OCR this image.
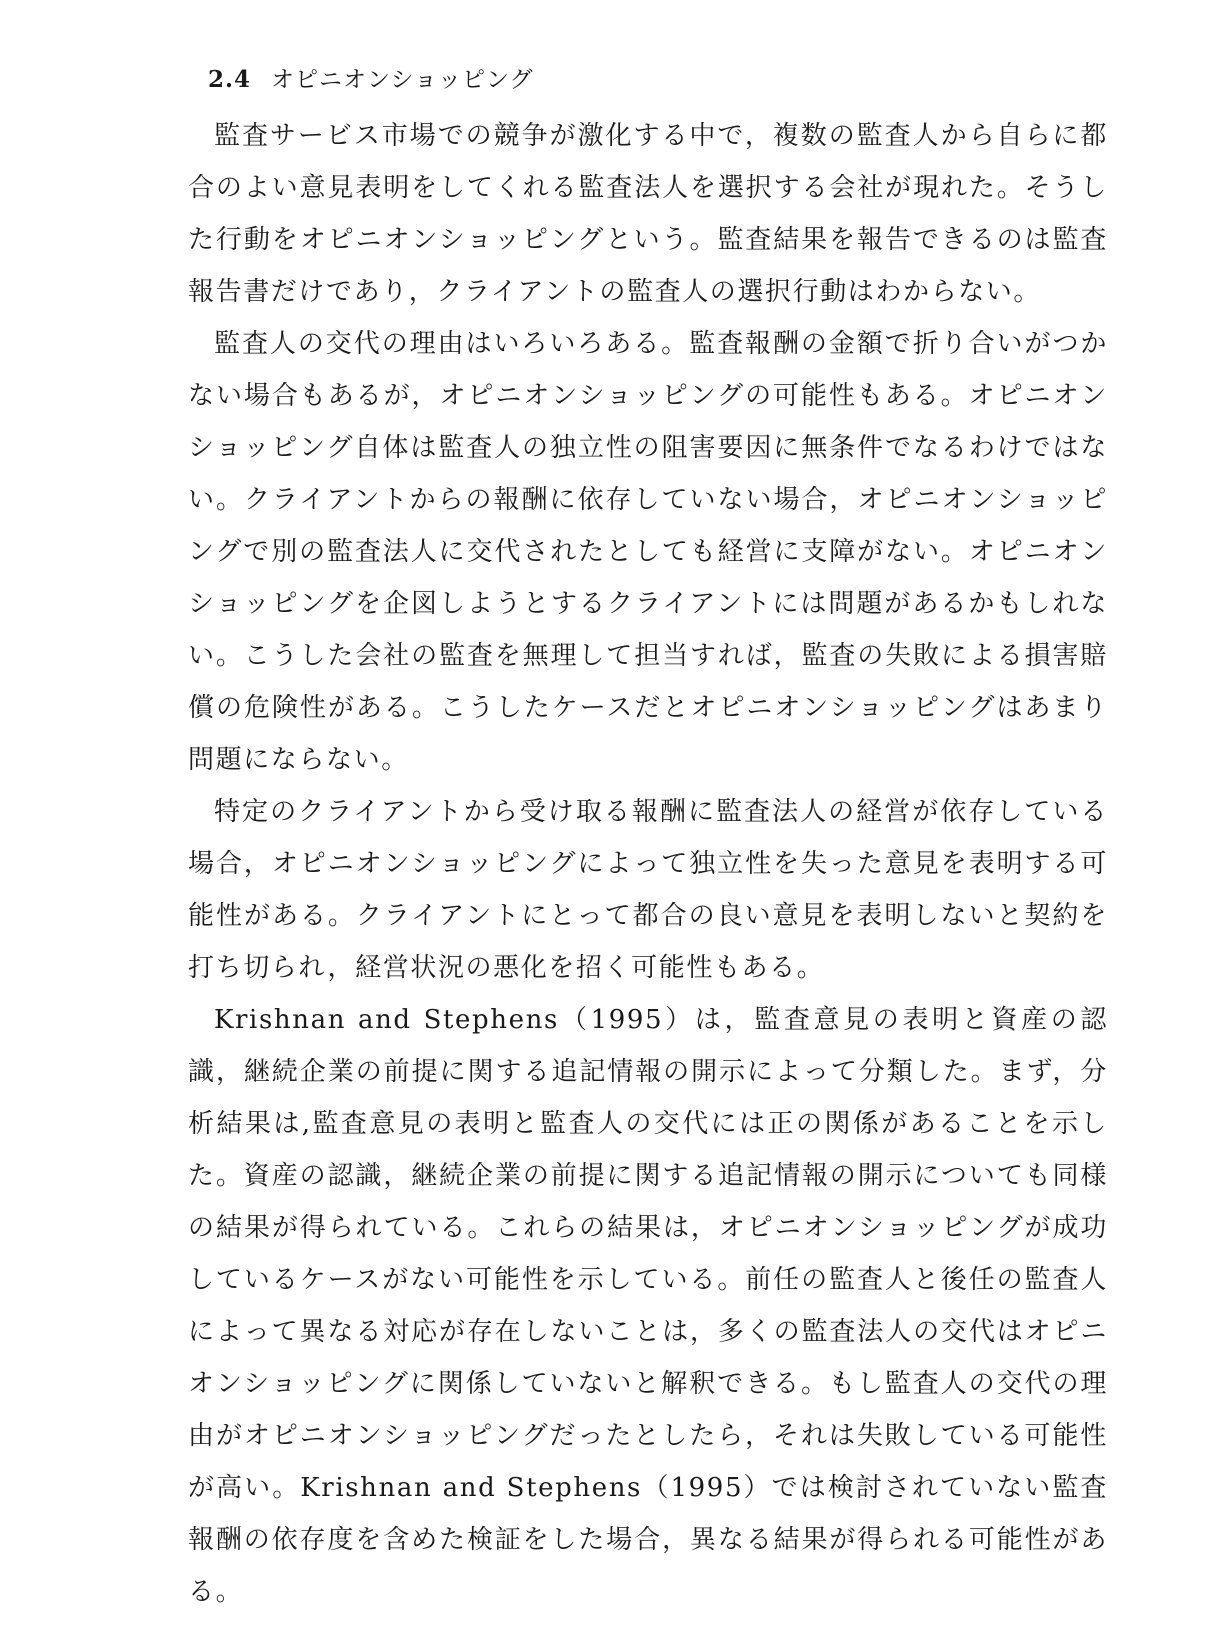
2.4 オピニオンショッピング

監査サービス市場での競争が激化する中で，複数の監査人から自らに都合のよい意見表明をしてくれる監査法人を選択する会社が現れた。そうした行動をオピニオンショッピングという。監査結果を報告できるのは監査報告書だけであり，クライアントの監査人の選択行動はわからない。

監査人の交代の理由はいろいろある。監査報酬の金額で折り合いがつかない場合もあるが，オピニオンショッピングの可能性もある。オピニオンショッピング自体は監査人の独立性の阻害要因に無条件でなるわけではない。クライアントからの報酬に依存していない場合，オピニオンショッピングで別の監査法人に交代されたとしても経営に支障がない。オピニオンショッピングを企図しようとするクライアントには問題があるかもしれない。こうした会社の監査を無理して担当すれば，監査の失敗による損害賠償の危険性がある。こうしたケースだとオピニオンショッピングはあまり問題にならない。

特定のクライアントから受け取る報酬に監査法人の経営が依存している場合，オピニオンショッピングによって独立性を失った意見を表明する可能性がある。クライアントにとって都合の良い意見を表明しないと契約を打ち切られ，経営状況の悪化を招く可能性もある。

Krishnan and Stephens（1995）は，監査意見の表明と資産の認識，継続企業の前提に関する追記情報の開示によって分類した。まず，分析結果は,監査意見の表明と監査人の交代には正の関係があることを示した。資産の認識，継続企業の前提に関する追記情報の開示についても同様の結果が得られている。これらの結果は，オピニオンショッピングが成功しているケースがない可能性を示している。前任の監査人と後任の監査人によって異なる対応が存在しないことは，多くの監査法人の交代はオピニオンショッピングに関係していないと解釈できる。もし監査人の交代の理由がオピニオンショッピングだったとしたら，それは失敗している可能性が高い。Krishnan and Stephens（1995）では検討されていない監査報酬の依存度を含めた検証をした場合，異なる結果が得られる可能性がある。
